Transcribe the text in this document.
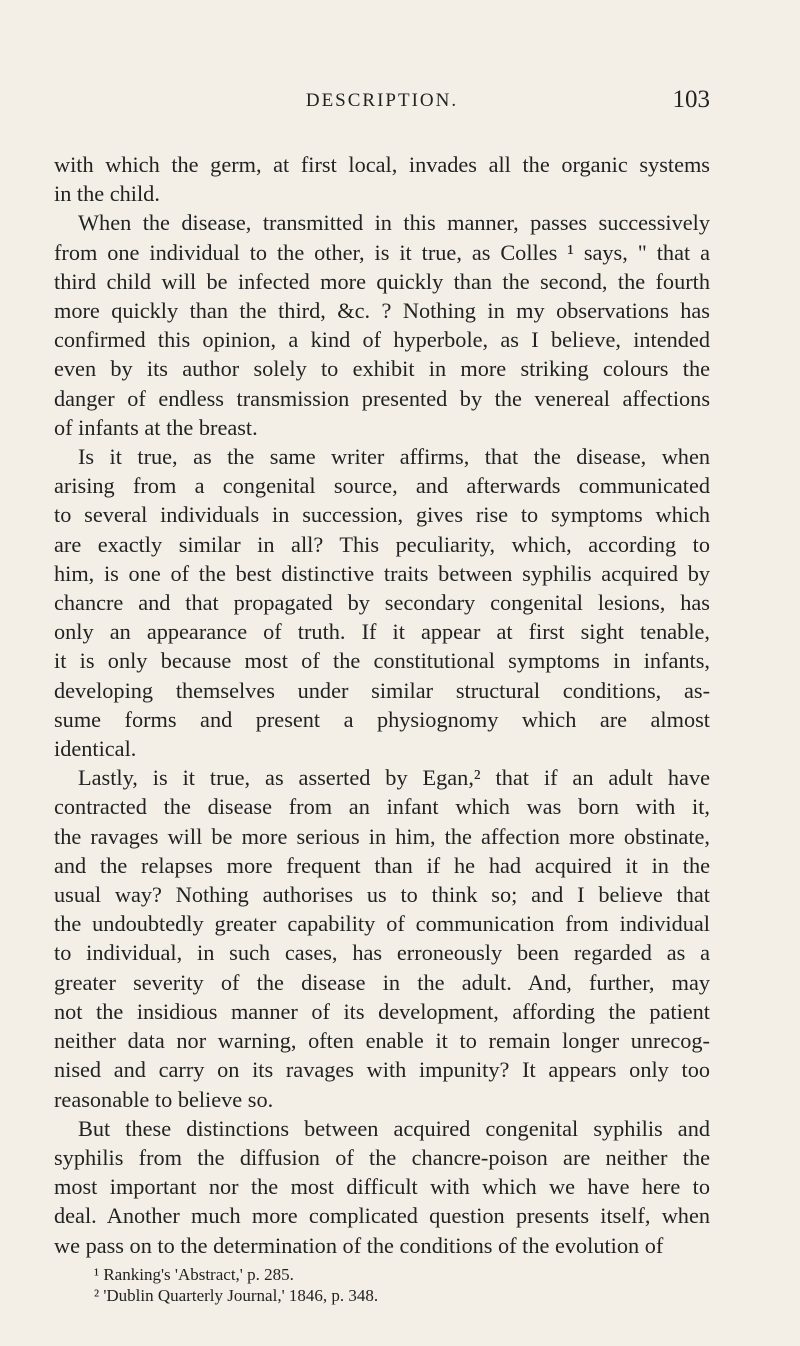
DESCRIPTION.	103
with which the germ, at first local, invades all the organic systems
in the child.
When the disease, transmitted in this manner, passes successively
from one individual to the other, is it true, as Colles ¹ says, " that a
third child will be infected more quickly than the second, the fourth
more quickly than the third, &c. ? Nothing in my observations has
confirmed this opinion, a kind of hyperbole, as I believe, intended
even by its author solely to exhibit in more striking colours the
danger of endless transmission presented by the venereal affections
of infants at the breast.
Is it true, as the same writer affirms, that the disease, when
arising from a congenital source, and afterwards communicated
to several individuals in succession, gives rise to symptoms which
are exactly similar in all? This peculiarity, which, according to
him, is one of the best distinctive traits between syphilis acquired by
chancre and that propagated by secondary congenital lesions, has
only an appearance of truth. If it appear at first sight tenable,
it is only because most of the constitutional symptoms in infants,
developing themselves under similar structural conditions, as-
sume forms and present a physiognomy which are almost
identical.
Lastly, is it true, as asserted by Egan,² that if an adult have
contracted the disease from an infant which was born with it,
the ravages will be more serious in him, the affection more obstinate,
and the relapses more frequent than if he had acquired it in the
usual way? Nothing authorises us to think so; and I believe that
the undoubtedly greater capability of communication from individual
to individual, in such cases, has erroneously been regarded as a
greater severity of the disease in the adult. And, further, may
not the insidious manner of its development, affording the patient
neither data nor warning, often enable it to remain longer unrecog-
nised and carry on its ravages with impunity? It appears only too
reasonable to believe so.
But these distinctions between acquired congenital syphilis and
syphilis from the diffusion of the chancre-poison are neither the
most important nor the most difficult with which we have here to
deal. Another much more complicated question presents itself, when
we pass on to the determination of the conditions of the evolution of
¹ Ranking's 'Abstract,' p. 285.
² 'Dublin Quarterly Journal,' 1846, p. 348.
